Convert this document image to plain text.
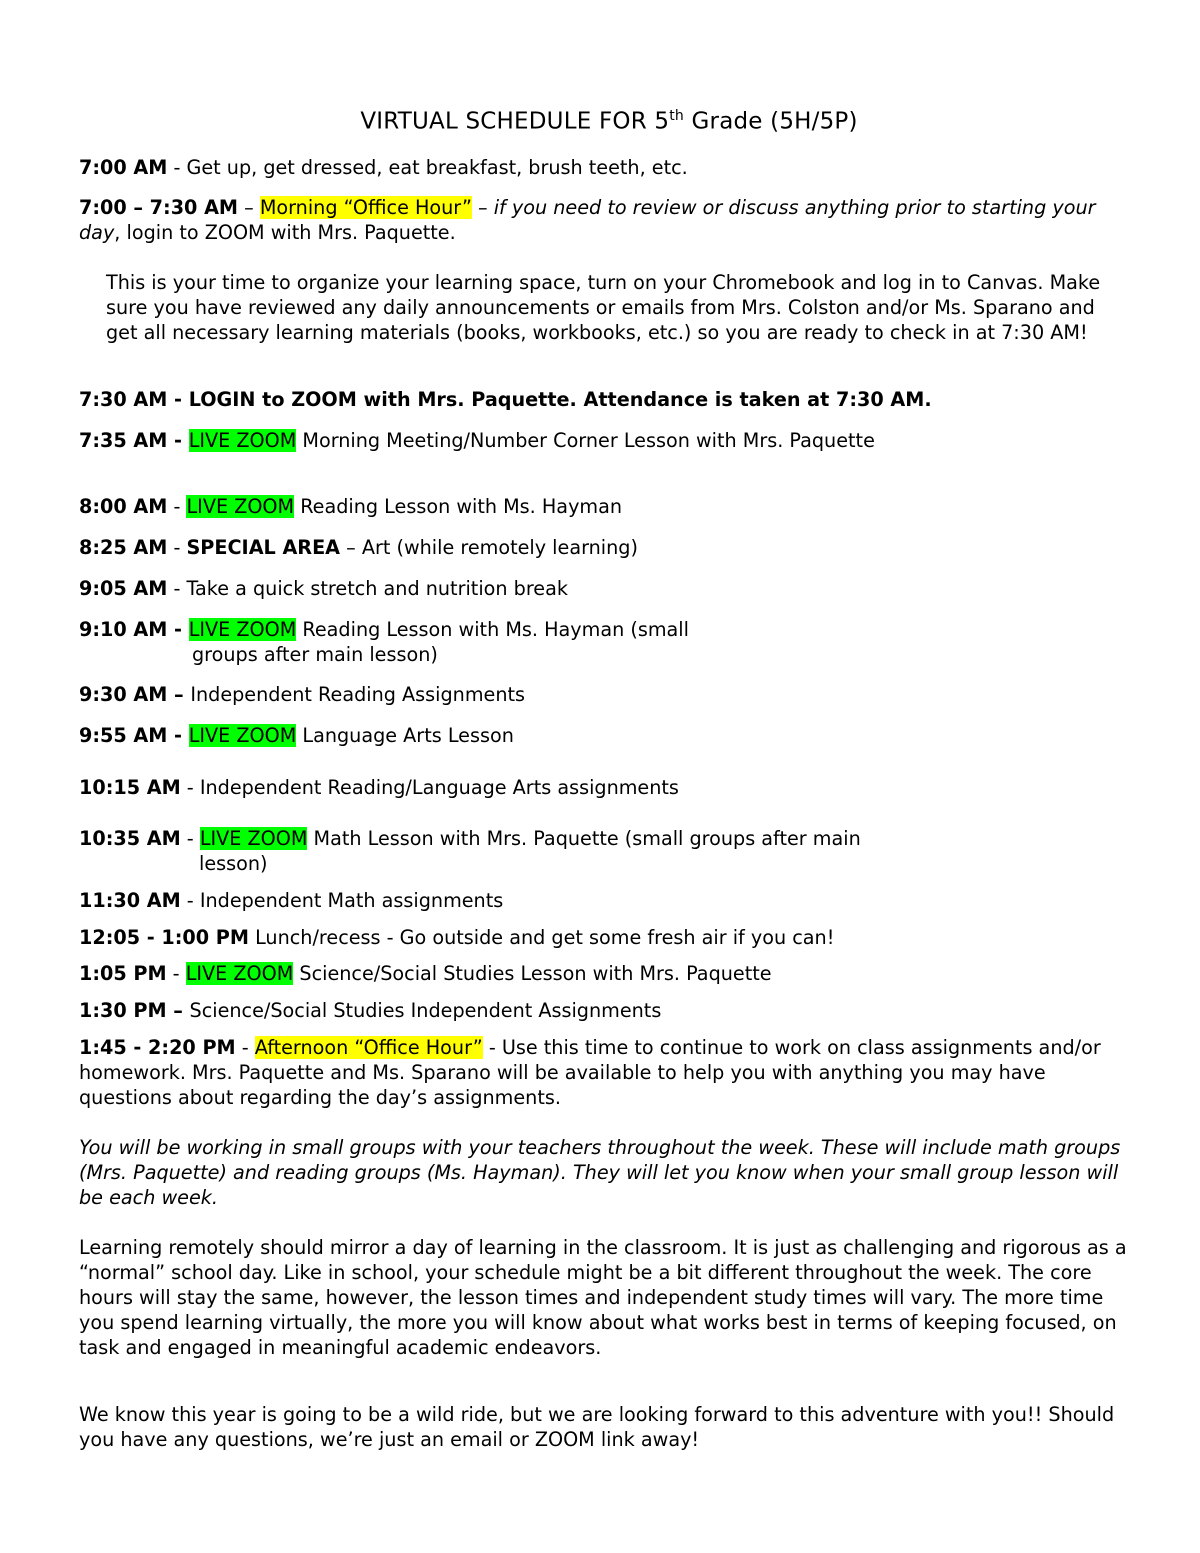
VIRTUAL SCHEDULE FOR 5th Grade (5H/5P)
7:00 AM - Get up, get dressed, eat breakfast, brush teeth, etc.
7:00 – 7:30 AM – Morning “Office Hour” – if you need to review or discuss anything prior to starting your day, login to ZOOM with Mrs. Paquette.
This is your time to organize your learning space, turn on your Chromebook and log in to Canvas. Make sure you have reviewed any daily announcements or emails from Mrs. Colston and/or Ms. Sparano and get all necessary learning materials (books, workbooks, etc.) so you are ready to check in at 7:30 AM!
7:30 AM - LOGIN to ZOOM with Mrs. Paquette. Attendance is taken at 7:30 AM.
7:35 AM - LIVE ZOOM Morning Meeting/Number Corner Lesson with Mrs. Paquette
8:00 AM - LIVE ZOOM Reading Lesson with Ms. Hayman
8:25 AM - SPECIAL AREA – Art (while remotely learning)
9:05 AM - Take a quick stretch and nutrition break
9:10 AM - LIVE ZOOM Reading Lesson with Ms. Hayman (small
groups after main lesson)
9:30 AM – Independent Reading Assignments
9:55 AM - LIVE ZOOM Language Arts Lesson
10:15 AM - Independent Reading/Language Arts assignments
10:35 AM - LIVE ZOOM Math Lesson with Mrs. Paquette (small groups after main
lesson)
11:30 AM - Independent Math assignments
12:05 - 1:00 PM Lunch/recess - Go outside and get some fresh air if you can!
1:05 PM - LIVE ZOOM Science/Social Studies Lesson with Mrs. Paquette
1:30 PM – Science/Social Studies Independent Assignments
1:45 - 2:20 PM - Afternoon “Office Hour” - Use this time to continue to work on class assignments and/or homework. Mrs. Paquette and Ms. Sparano will be available to help you with anything you may have questions about regarding the day’s assignments.
You will be working in small groups with your teachers throughout the week. These will include math groups (Mrs. Paquette) and reading groups (Ms. Hayman). They will let you know when your small group lesson will be each week.
Learning remotely should mirror a day of learning in the classroom. It is just as challenging and rigorous as a “normal” school day. Like in school, your schedule might be a bit different throughout the week. The core hours will stay the same, however, the lesson times and independent study times will vary. The more time you spend learning virtually, the more you will know about what works best in terms of keeping focused, on task and engaged in meaningful academic endeavors.
We know this year is going to be a wild ride, but we are looking forward to this adventure with you!! Should you have any questions, we’re just an email or ZOOM link away!
